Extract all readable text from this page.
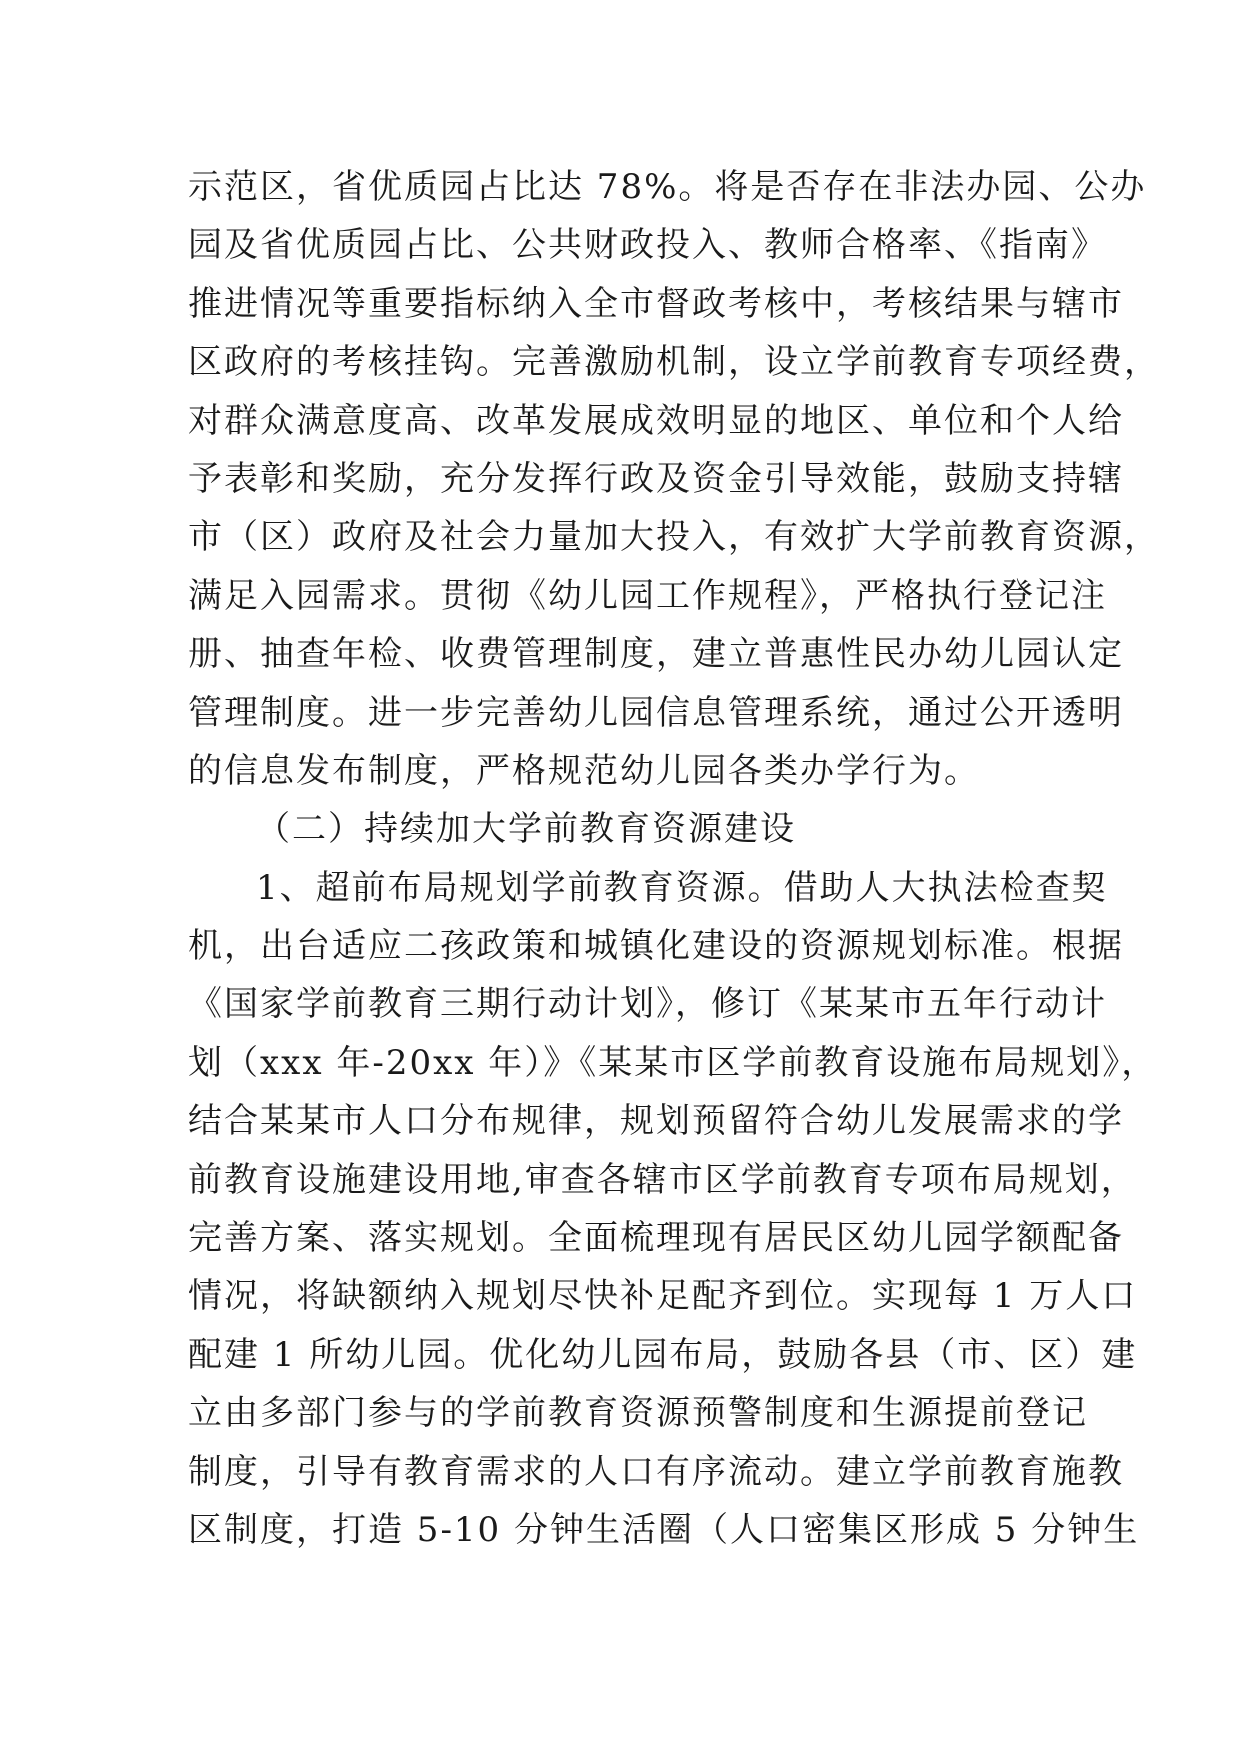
示范区，省优质园占比达 78%。将是否存在非法办园、公办
园及省优质园占比、公共财政投入、教师合格率、《指南》
推进情况等重要指标纳入全市督政考核中，考核结果与辖市
区政府的考核挂钩。完善激励机制，设立学前教育专项经费，
对群众满意度高、改革发展成效明显的地区、单位和个人给
予表彰和奖励，充分发挥行政及资金引导效能，鼓励支持辖
市（区）政府及社会力量加大投入，有效扩大学前教育资源，
满足入园需求。贯彻《幼儿园工作规程》，严格执行登记注
册、抽查年检、收费管理制度，建立普惠性民办幼儿园认定
管理制度。进一步完善幼儿园信息管理系统，通过公开透明
的信息发布制度，严格规范幼儿园各类办学行为。
（二）持续加大学前教育资源建设
1、超前布局规划学前教育资源。借助人大执法检查契
机，出台适应二孩政策和城镇化建设的资源规划标准。根据
《国家学前教育三期行动计划》，修订《某某市五年行动计
划（xxx 年-20xx 年）》《某某市区学前教育设施布局规划》，
结合某某市人口分布规律，规划预留符合幼儿发展需求的学
前教育设施建设用地,审查各辖市区学前教育专项布局规划，
完善方案、落实规划。全面梳理现有居民区幼儿园学额配备
情况，将缺额纳入规划尽快补足配齐到位。实现每 1 万人口
配建 1 所幼儿园。优化幼儿园布局，鼓励各县（市、区）建
立由多部门参与的学前教育资源预警制度和生源提前登记
制度，引导有教育需求的人口有序流动。建立学前教育施教
区制度，打造 5-10 分钟生活圈（人口密集区形成 5 分钟生
